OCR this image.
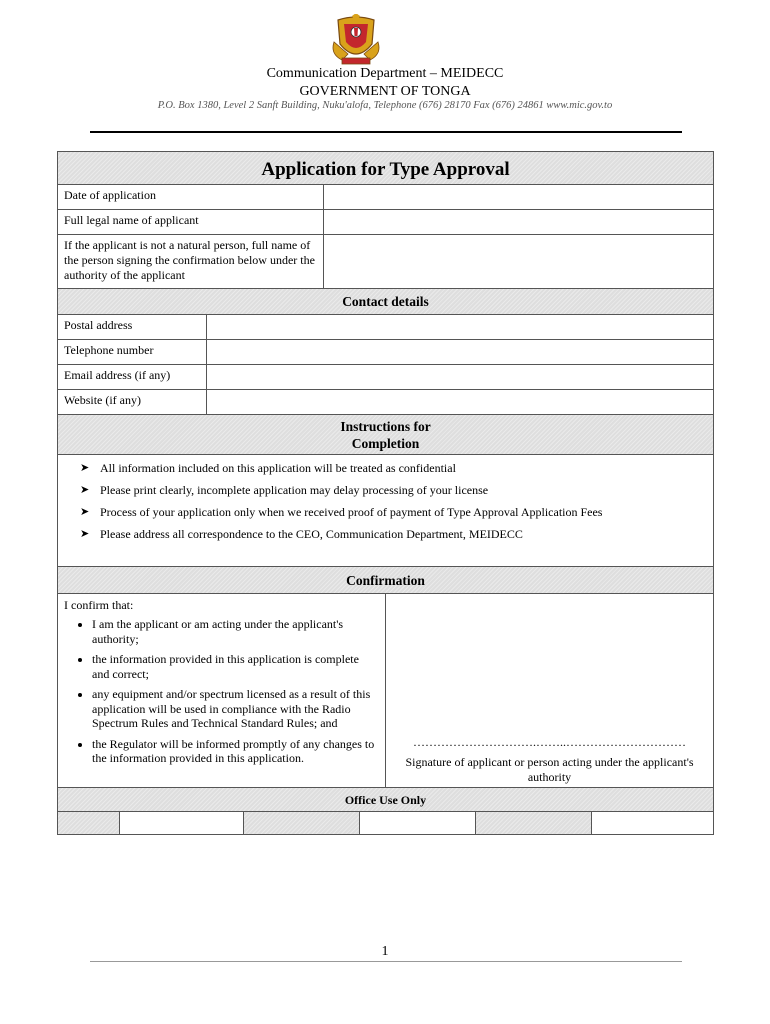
Communication Department – MEIDECC
GOVERNMENT OF TONGA
P.O. Box 1380, Level 2 Sanft Building, Nuku'alofa, Telephone (676) 28170 Fax (676) 24861 www.mic.gov.to
Application for Type Approval
Date of application
Full legal name of applicant
If the applicant is not a natural person, full name of the person signing the confirmation below under the authority of the applicant
Contact details
Postal address
Telephone number
Email address (if any)
Website (if any)
Instructions for
Completion
➤ All information included on this application will be treated as confidential
➤ Please print clearly, incomplete application may delay processing of your license
➤ Process of your application only when we received proof of payment of Type Approval Application Fees
➤ Please address all correspondence to the CEO, Communication Department, MEIDECC
Confirmation
I confirm that:
• I am the applicant or am acting under the applicant's authority;
• the information provided in this application is complete and correct;
• any equipment and/or spectrum licensed as a result of this application will be used in compliance with the Radio Spectrum Rules and Technical Standard Rules; and
• the Regulator will be informed promptly of any changes to the information provided in this application.
………………………….……..…………………………
Signature of applicant or person acting under the applicant's authority
Office Use Only
1
